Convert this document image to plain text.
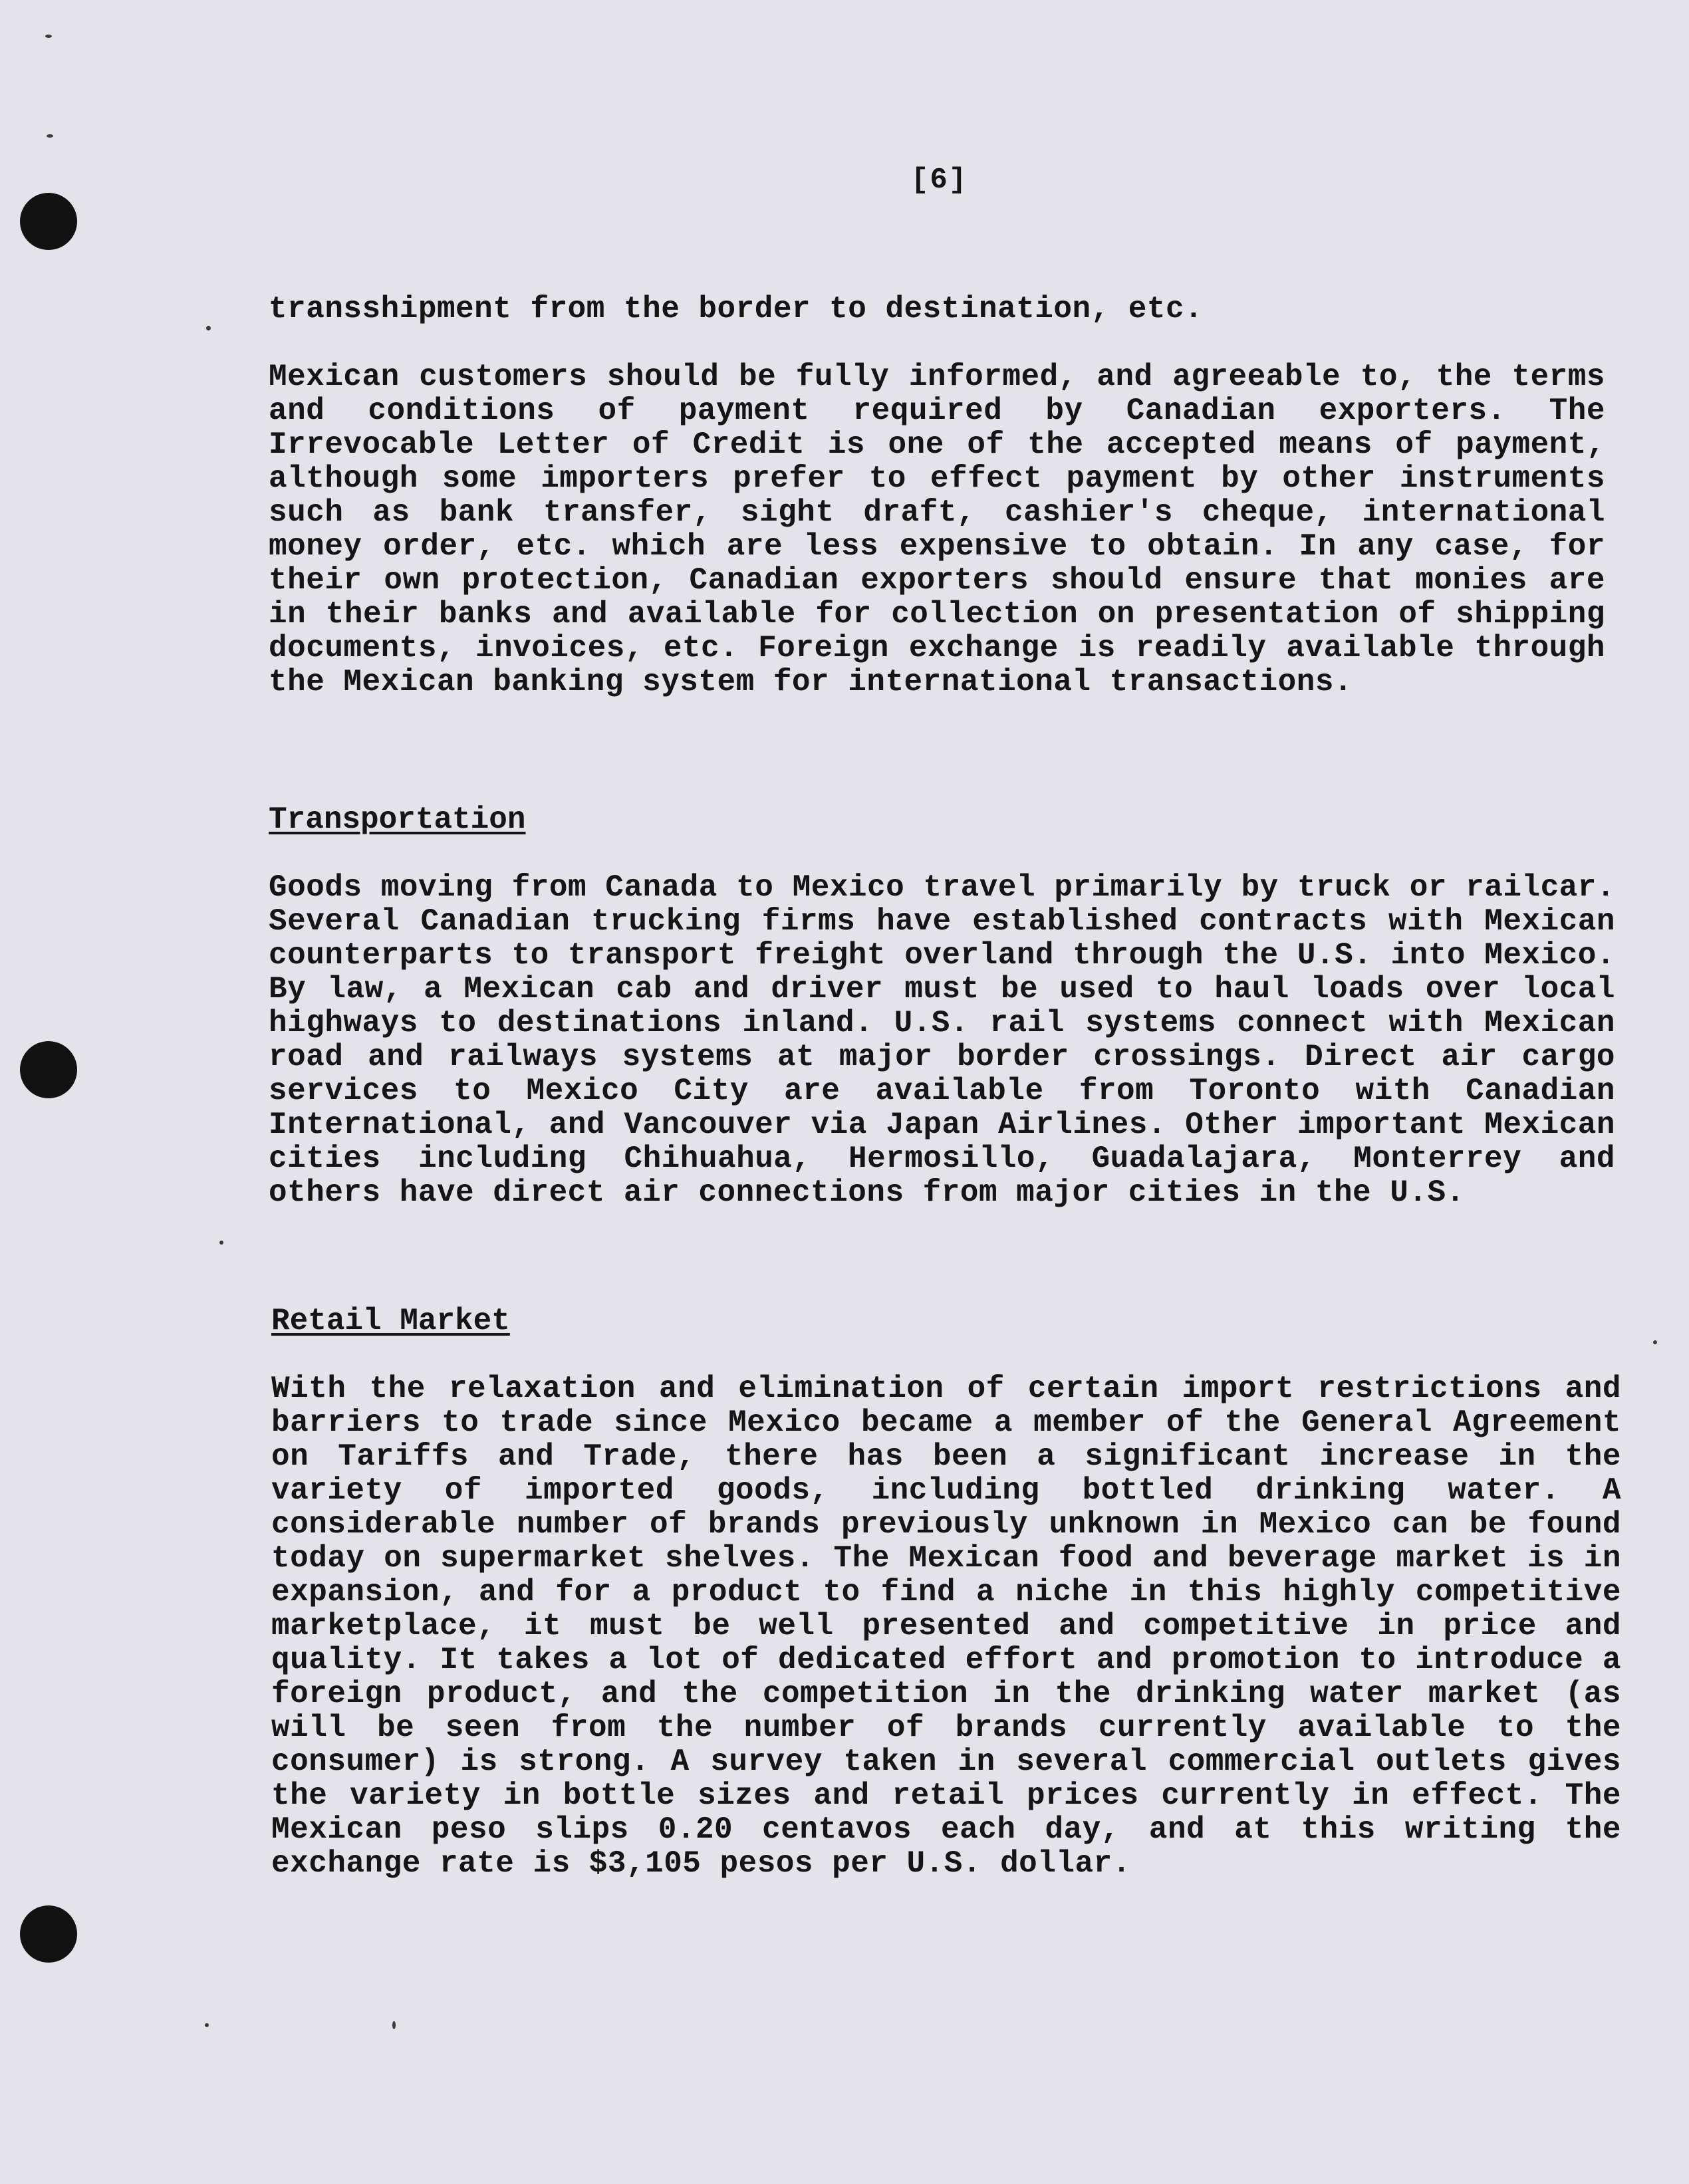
[6]

transshipment from the border to destination, etc.

Mexican customers should be fully informed, and agreeable to, the terms and conditions of payment required by Canadian exporters. The Irrevocable Letter of Credit is one of the accepted means of payment, although some importers prefer to effect payment by other instruments such as bank transfer, sight draft, cashier's cheque, international money order, etc. which are less expensive to obtain. In any case, for their own protection, Canadian exporters should ensure that monies are in their banks and available for collection on presentation of shipping documents, invoices, etc. Foreign exchange is readily available through the Mexican banking system for international transactions.

Transportation

Goods moving from Canada to Mexico travel primarily by truck or railcar. Several Canadian trucking firms have established contracts with Mexican counterparts to transport freight overland through the U.S. into Mexico. By law, a Mexican cab and driver must be used to haul loads over local highways to destinations inland. U.S. rail systems connect with Mexican road and railways systems at major border crossings. Direct air cargo services to Mexico City are available from Toronto with Canadian International, and Vancouver via Japan Airlines. Other important Mexican cities including Chihuahua, Hermosillo, Guadalajara, Monterrey and others have direct air connections from major cities in the U.S.

Retail Market

With the relaxation and elimination of certain import restrictions and barriers to trade since Mexico became a member of the General Agreement on Tariffs and Trade, there has been a significant increase in the variety of imported goods, including bottled drinking water. A considerable number of brands previously unknown in Mexico can be found today on supermarket shelves. The Mexican food and beverage market is in expansion, and for a product to find a niche in this highly competitive marketplace, it must be well presented and competitive in price and quality. It takes a lot of dedicated effort and promotion to introduce a foreign product, and the competition in the drinking water market (as will be seen from the number of brands currently available to the consumer) is strong. A survey taken in several commercial outlets gives the variety in bottle sizes and retail prices currently in effect. The Mexican peso slips 0.20 centavos each day, and at this writing the exchange rate is $3,105 pesos per U.S. dollar.
